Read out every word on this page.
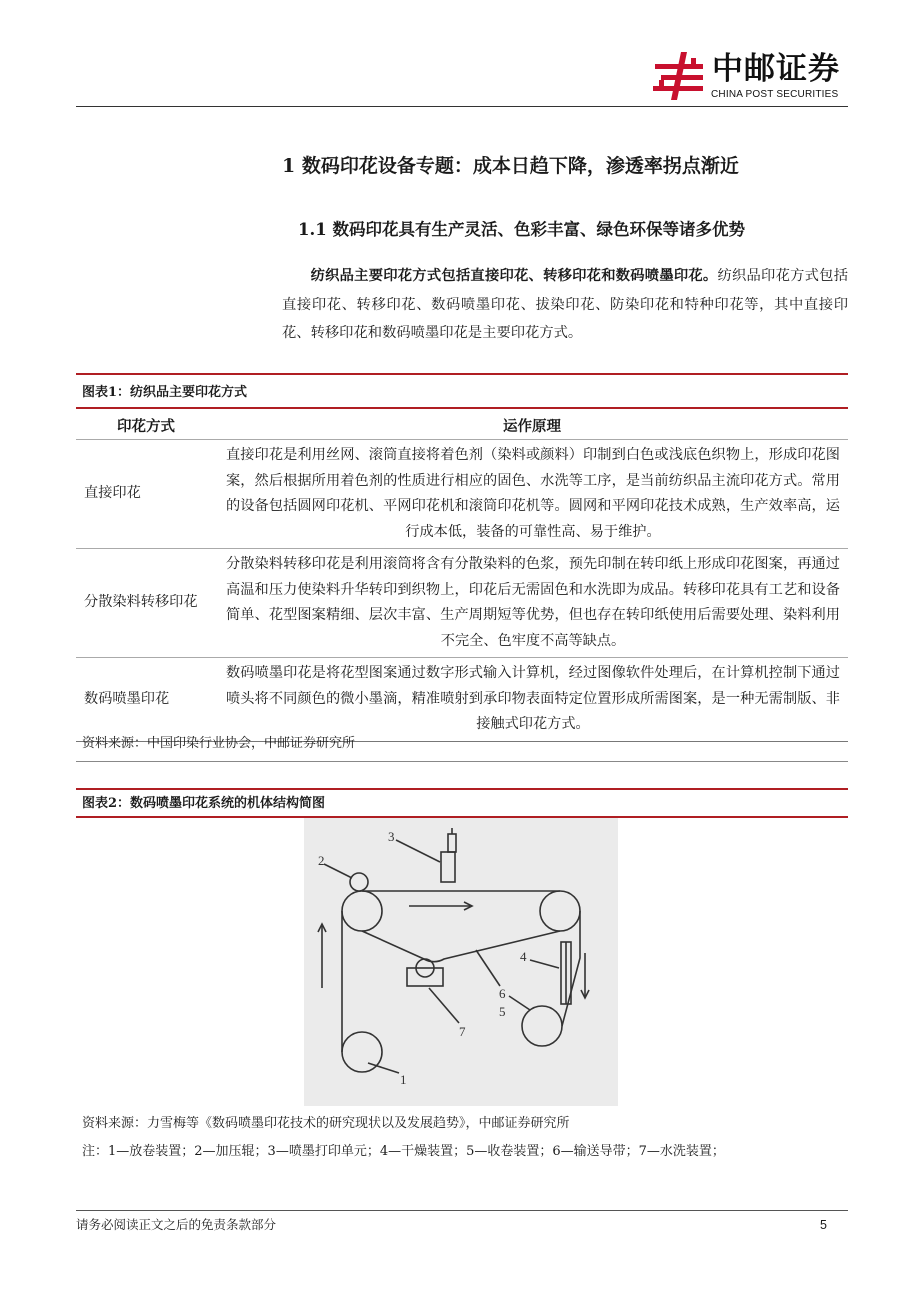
中邮证券
CHINA POST SECURITIES
1 数码印花设备专题：成本日趋下降，渗透率拐点渐近
1.1 数码印花具有生产灵活、色彩丰富、绿色环保等诸多优势
纺织品主要印花方式包括直接印花、转移印花和数码喷墨印花。纺织品印花方式包括直接印花、转移印花、数码喷墨印花、拔染印花、防染印花和特种印花等，其中直接印花、转移印花和数码喷墨印花是主要印花方式。
图表1：纺织品主要印花方式
印花方式	运作原理
直接印花	直接印花是利用丝网、滚筒直接将着色剂（染料或颜料）印制到白色或浅底色织物上，形成印花图案，然后根据所用着色剂的性质进行相应的固色、水洗等工序，是当前纺织品主流印花方式。常用的设备包括圆网印花机、平网印花机和滚筒印花机等。圆网和平网印花技术成熟，生产效率高，运行成本低，装备的可靠性高、易于维护。
分散染料转移印花	分散染料转移印花是利用滚筒将含有分散染料的色浆，预先印制在转印纸上形成印花图案，再通过高温和压力使染料升华转印到织物上，印花后无需固色和水洗即为成品。转移印花具有工艺和设备简单、花型图案精细、层次丰富、生产周期短等优势，但也存在转印纸使用后需要处理、染料利用不完全、色牢度不高等缺点。
数码喷墨印花	数码喷墨印花是将花型图案通过数字形式输入计算机，经过图像软件处理后，在计算机控制下通过喷头将不同颜色的微小墨滴，精准喷射到承印物表面特定位置形成所需图案，是一种无需制版、非接触式印花方式。
资料来源：中国印染行业协会，中邮证券研究所
图表2：数码喷墨印花系统的机体结构简图
1
2
3
4
5
6
7
资料来源：力雪梅等《数码喷墨印花技术的研究现状以及发展趋势》，中邮证券研究所
注：1—放卷装置；2—加压辊；3—喷墨打印单元；4—干燥装置；5—收卷装置；6—输送导带；7—水洗装置；
请务必阅读正文之后的免责条款部分	5
